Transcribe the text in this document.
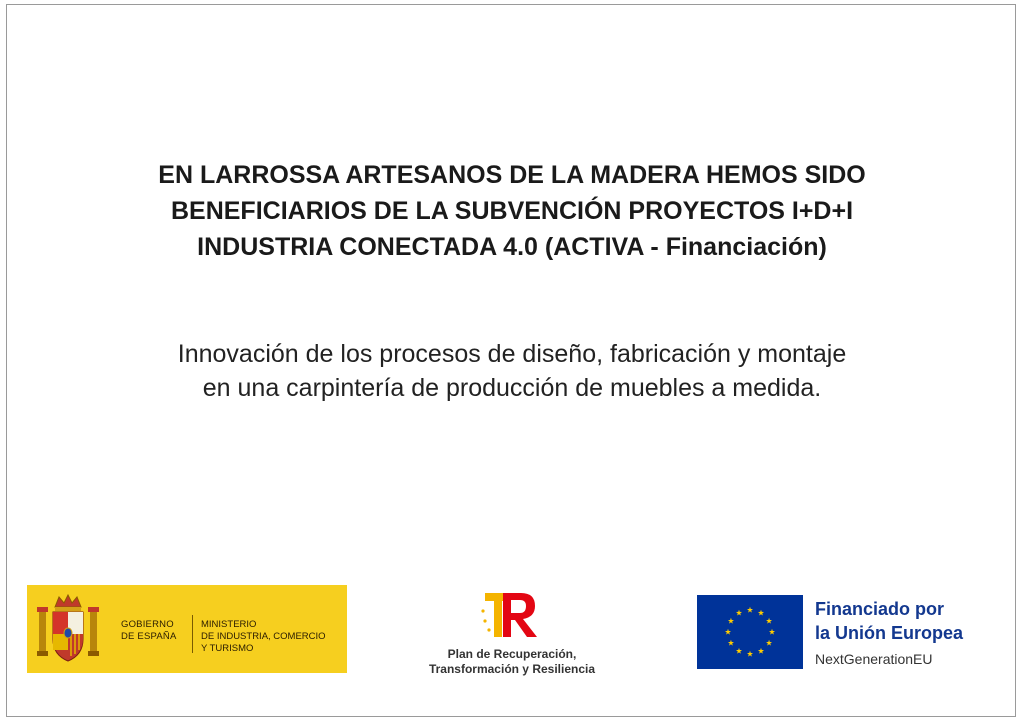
EN LARROSSA ARTESANOS DE LA MADERA HEMOS SIDO
BENEFICIARIOS DE LA SUBVENCIÓN PROYECTOS I+D+I
INDUSTRIA CONECTADA 4.0 (ACTIVA - Financiación)

Innovación de los procesos de diseño, fabricación y montaje
en una carpintería de producción de muebles a medida.

GOBIERNO
DE ESPAÑA
MINISTERIO
DE INDUSTRIA, COMERCIO
Y TURISMO	Plan de Recuperación,
Transformación y Resiliencia
Financiado por
la Unión Europea
NextGenerationEU
